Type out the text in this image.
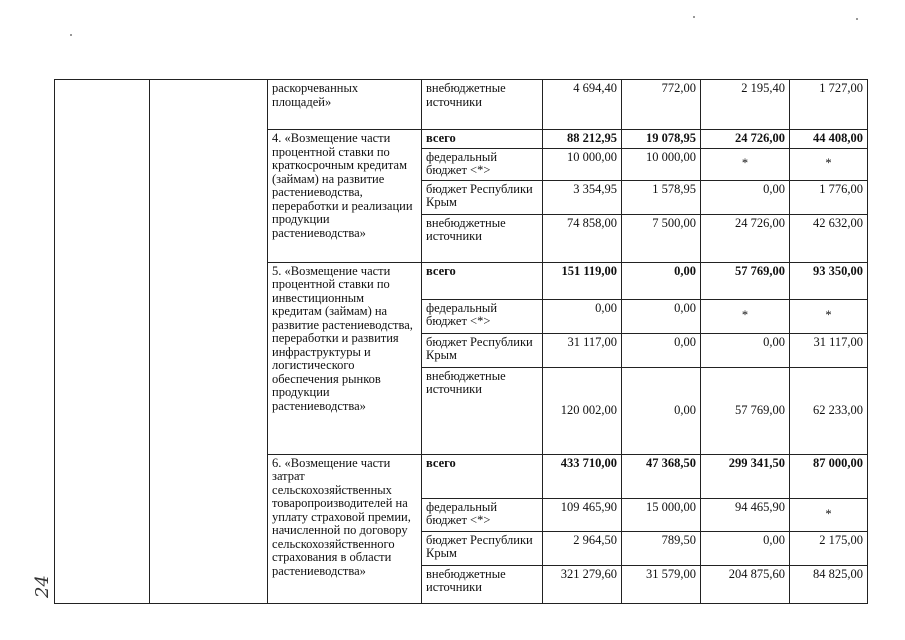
		раскорчеванных площадей»	внебюджетные источники	4 694,40	772,00	2 195,40	1 727,00
		4. «Возмещение части процентной ставки по краткосрочным кредитам (займам) на развитие растениеводства, переработки и реализации продукции растениеводства»	всего	88 212,95	19 078,95	24 726,00	44 408,00
			федеральный бюджет <*>	10 000,00	10 000,00	*	*
			бюджет Республики Крым	3 354,95	1 578,95	0,00	1 776,00
			внебюджетные источники	74 858,00	7 500,00	24 726,00	42 632,00
		5. «Возмещение части процентной ставки по инвестиционным кредитам (займам) на развитие растениеводства, переработки и развития инфраструктуры и логистического обеспечения рынков продукции растениеводства»	всего	151 119,00	0,00	57 769,00	93 350,00
			федеральный бюджет <*>	0,00	0,00	*	*
			бюджет Республики Крым	31 117,00	0,00	0,00	31 117,00
			внебюджетные источники	120 002,00	0,00	57 769,00	62 233,00
		6. «Возмещение части затрат сельскохозяйственных товаропроизводителей на уплату страховой премии, начисленной по договору сельскохозяйственного страхования в области растениеводства»	всего	433 710,00	47 368,50	299 341,50	87 000,00
			федеральный бюджет <*>	109 465,90	15 000,00	94 465,90	*
			бюджет Республики Крым	2 964,50	789,50	0,00	2 175,00
			внебюджетные источники	321 279,60	31 579,00	204 875,60	84 825,00
24
